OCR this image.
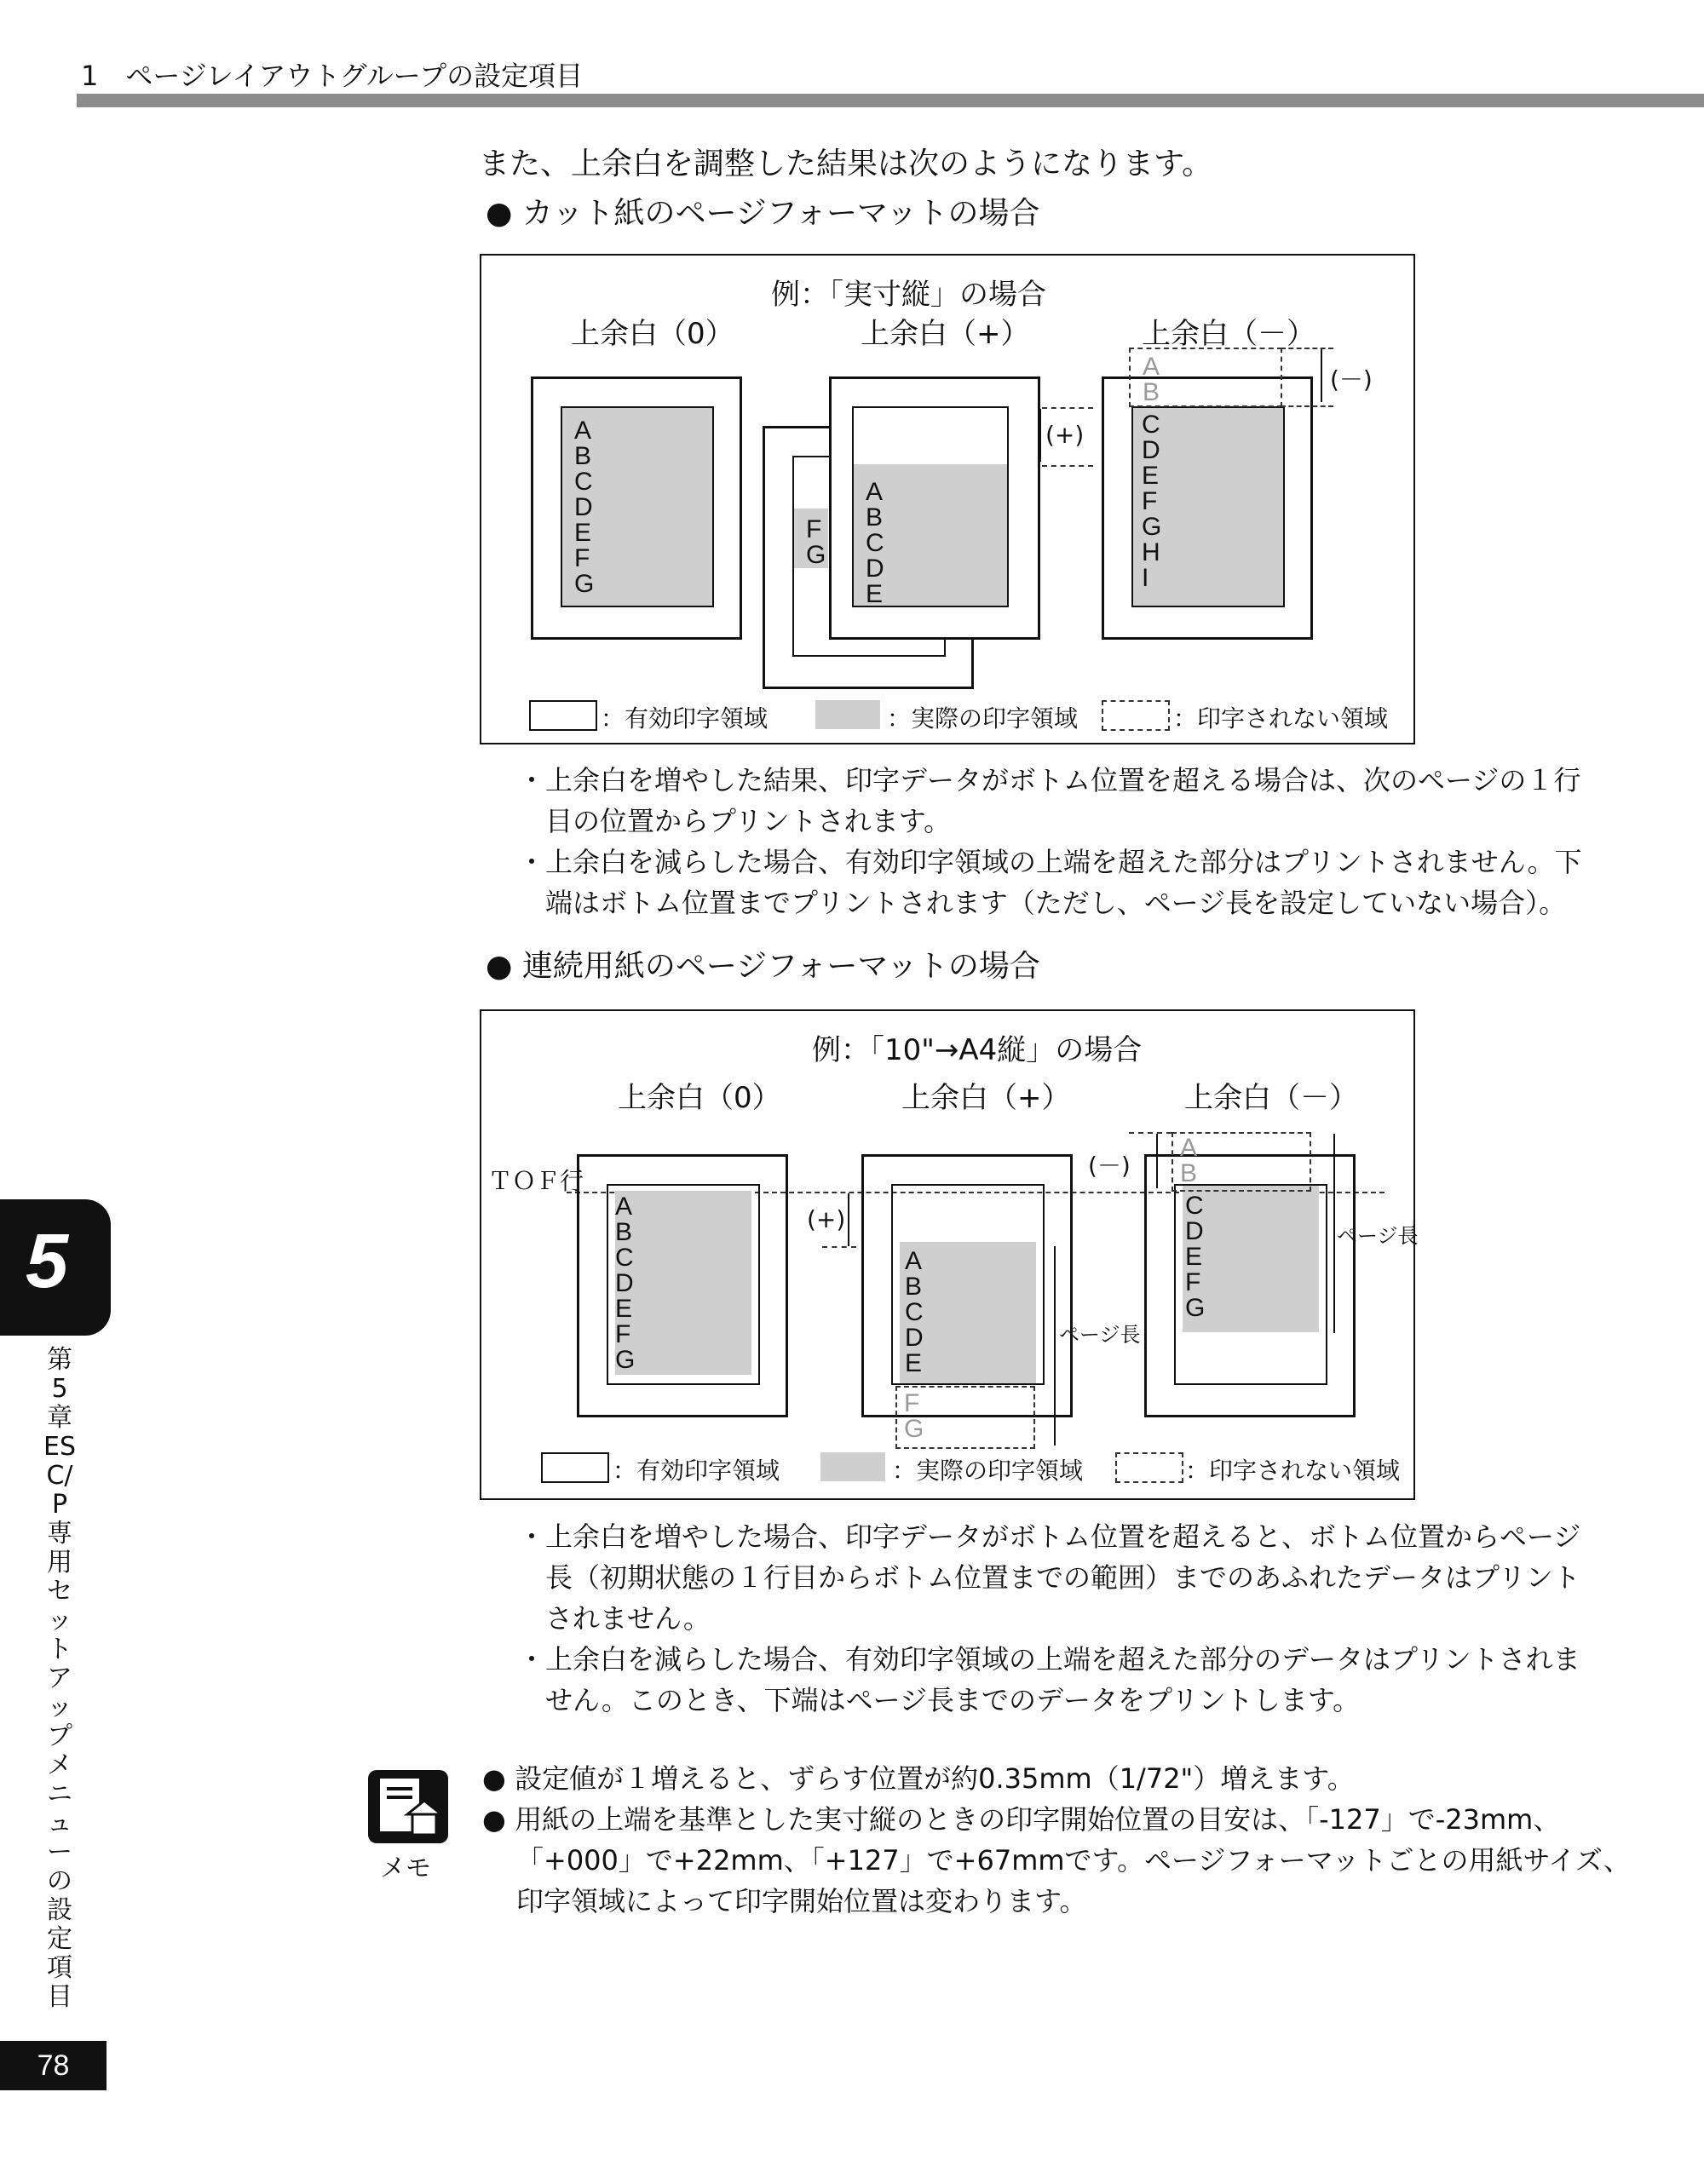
1　ページレイアウトグループの設定項目
また、上余白を調整した結果は次のようになります。
● カット紙のページフォーマットの場合
例：「実寸縦」の場合
上余白（0）	上余白（+）	上余白（－）
ABCDEFG
FG
ABCDE
(+)
AB
CDEFGHI
(－)
：有効印字領域	：実際の印字領域	：印字されない領域
・上余白を増やした結果、印字データがボトム位置を超える場合は、次のページの１行
目の位置からプリントされます。
・上余白を減らした場合、有効印字領域の上端を超えた部分はプリントされません。下
端はボトム位置までプリントされます（ただし、ページ長を設定していない場合）。
● 連続用紙のページフォーマットの場合
例：「10"→A4縦」の場合
上余白（0）	上余白（+）	上余白（－）
ＴＯＦ行
ABCDEFG
ABCDE
FG
(+)
ページ長
AB
CDEFG
(－)
ページ長
：有効印字領域	：実際の印字領域	：印字されない領域
・上余白を増やした場合、印字データがボトム位置を超えると、ボトム位置からページ
長（初期状態の１行目からボトム位置までの範囲）までのあふれたデータはプリント
されません。
・上余白を減らした場合、有効印字領域の上端を超えた部分のデータはプリントされま
せん。このとき、下端はページ長までのデータをプリントします。
メモ
● 設定値が１増えると、ずらす位置が約0.35mm（1/72"）増えます。
● 用紙の上端を基準とした実寸縦のときの印字開始位置の目安は、「-127」で-23mm、
「+000」で+22mm、「+127」で+67mmです。ページフォーマットごとの用紙サイズ、
印字領域によって印字開始位置は変わります。
5
第5章 ESC/P専用セットアップメニュー の設定項目
78
